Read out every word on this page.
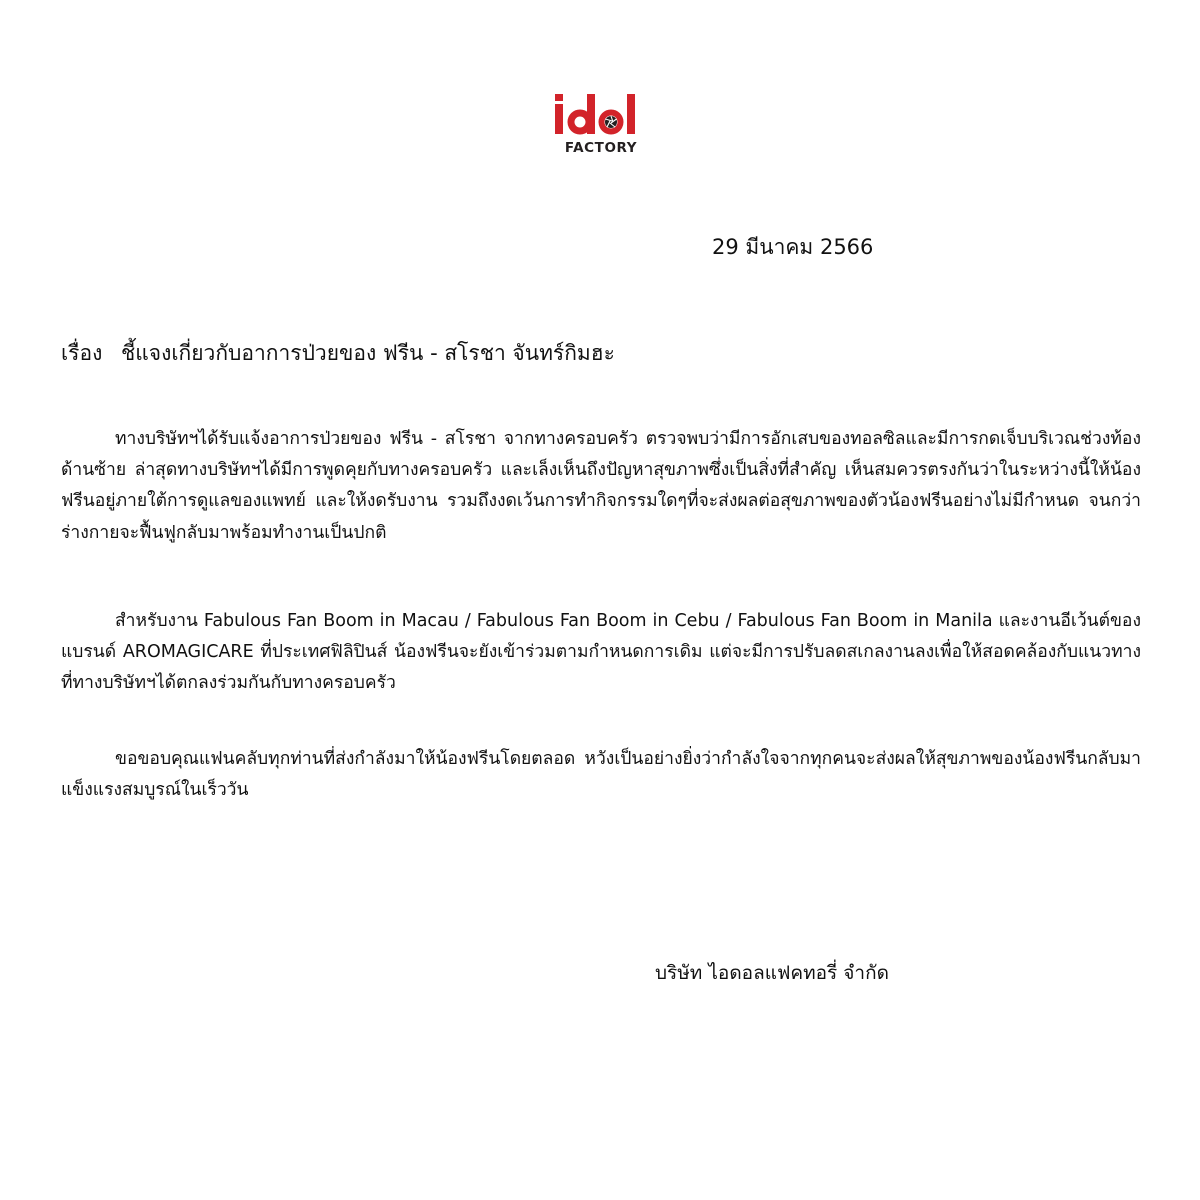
FACTORY
29 มีนาคม 2566
เรื่อง ชี้แจงเกี่ยวกับอาการป่วยของ ฟรีน - สโรชา จันทร์กิมฮะ

ทางบริษัทฯได้รับแจ้งอาการป่วยของ ฟรีน - สโรชา จากทางครอบครัว ตรวจพบว่ามีการอักเสบของทอลซิลและมีการกดเจ็บบริเวณช่วงท้องด้านซ้าย ล่าสุดทางบริษัทฯได้มีการพูดคุยกับทางครอบครัว และเล็งเห็นถึงปัญหาสุขภาพซึ่งเป็นสิ่งที่สำคัญ เห็นสมควรตรงกันว่าในระหว่างนี้ให้น้องฟรีนอยู่ภายใต้การดูแลของแพทย์ และให้งดรับงาน รวมถึงงดเว้นการทำกิจกรรมใดๆที่จะส่งผลต่อสุขภาพของตัวน้องฟรีนอย่างไม่มีกำหนด จนกว่าร่างกายจะฟื้นฟูกลับมาพร้อมทำงานเป็นปกติ

สำหรับงาน Fabulous Fan Boom in Macau / Fabulous Fan Boom in Cebu / Fabulous Fan Boom in Manila และงานอีเว้นต์ของแบรนด์ AROMAGICARE ที่ประเทศฟิลิปินส์ น้องฟรีนจะยังเข้าร่วมตามกำหนดการเดิม แต่จะมีการปรับลดสเกลงานลงเพื่อให้สอดคล้องกับแนวทางที่ทางบริษัทฯได้ตกลงร่วมกันกับทางครอบครัว

ขอขอบคุณแฟนคลับทุกท่านที่ส่งกำลังมาให้น้องฟรีนโดยตลอด หวังเป็นอย่างยิ่งว่ากำลังใจจากทุกคนจะส่งผลให้สุขภาพของน้องฟรีนกลับมาแข็งแรงสมบูรณ์ในเร็ววัน

บริษัท ไอดอลแฟคทอรี่ จำกัด
